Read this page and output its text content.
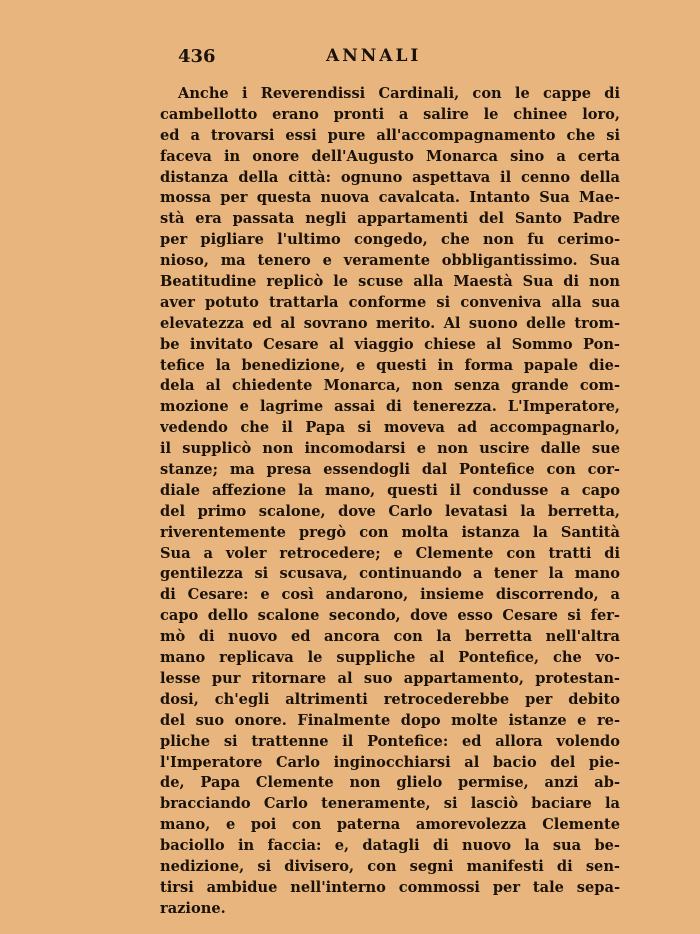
436	ANNALI
Anche i Reverendissi Cardinali, con le cappe di
cambellotto erano pronti a salire le chinee loro,
ed a trovarsi essi pure all'accompagnamento che si
faceva in onore dell'Augusto Monarca sino a certa
distanza della città: ognuno aspettava il cenno della
mossa per questa nuova cavalcata. Intanto Sua Mae-
stà era passata negli appartamenti del Santo Padre
per pigliare l'ultimo congedo, che non fu cerimo-
nioso, ma tenero e veramente obbligantissimo. Sua
Beatitudine replicò le scuse alla Maestà Sua di non
aver potuto trattarla conforme si conveniva alla sua
elevatezza ed al sovrano merito. Al suono delle trom-
be invitato Cesare al viaggio chiese al Sommo Pon-
tefice la benedizione, e questi in forma papale die-
dela al chiedente Monarca, non senza grande com-
mozione e lagrime assai di tenerezza. L'Imperatore,
vedendo che il Papa si moveva ad accompagnarlo,
il supplicò non incomodarsi e non uscire dalle sue
stanze; ma presa essendogli dal Pontefice con cor-
diale affezione la mano, questi il condusse a capo
del primo scalone, dove Carlo levatasi la berretta,
riverentemente pregò con molta istanza la Santità
Sua a voler retrocedere; e Clemente con tratti di
gentilezza si scusava, continuando a tener la mano
di Cesare: e così andarono, insieme discorrendo, a
capo dello scalone secondo, dove esso Cesare si fer-
mò di nuovo ed ancora con la berretta nell'altra
mano replicava le suppliche al Pontefice, che vo-
lesse pur ritornare al suo appartamento, protestan-
dosi, ch'egli altrimenti retrocederebbe per debito
del suo onore. Finalmente dopo molte istanze e re-
pliche si trattenne il Pontefice: ed allora volendo
l'Imperatore Carlo inginocchiarsi al bacio del pie-
de, Papa Clemente non glielo permise, anzi ab-
bracciando Carlo teneramente, si lasciò baciare la
mano, e poi con paterna amorevolezza Clemente
baciollo in faccia: e, datagli di nuovo la sua be-
nedizione, si divisero, con segni manifesti di sen-
tirsi ambidue nell'interno commossi per tale sepa-
razione.
